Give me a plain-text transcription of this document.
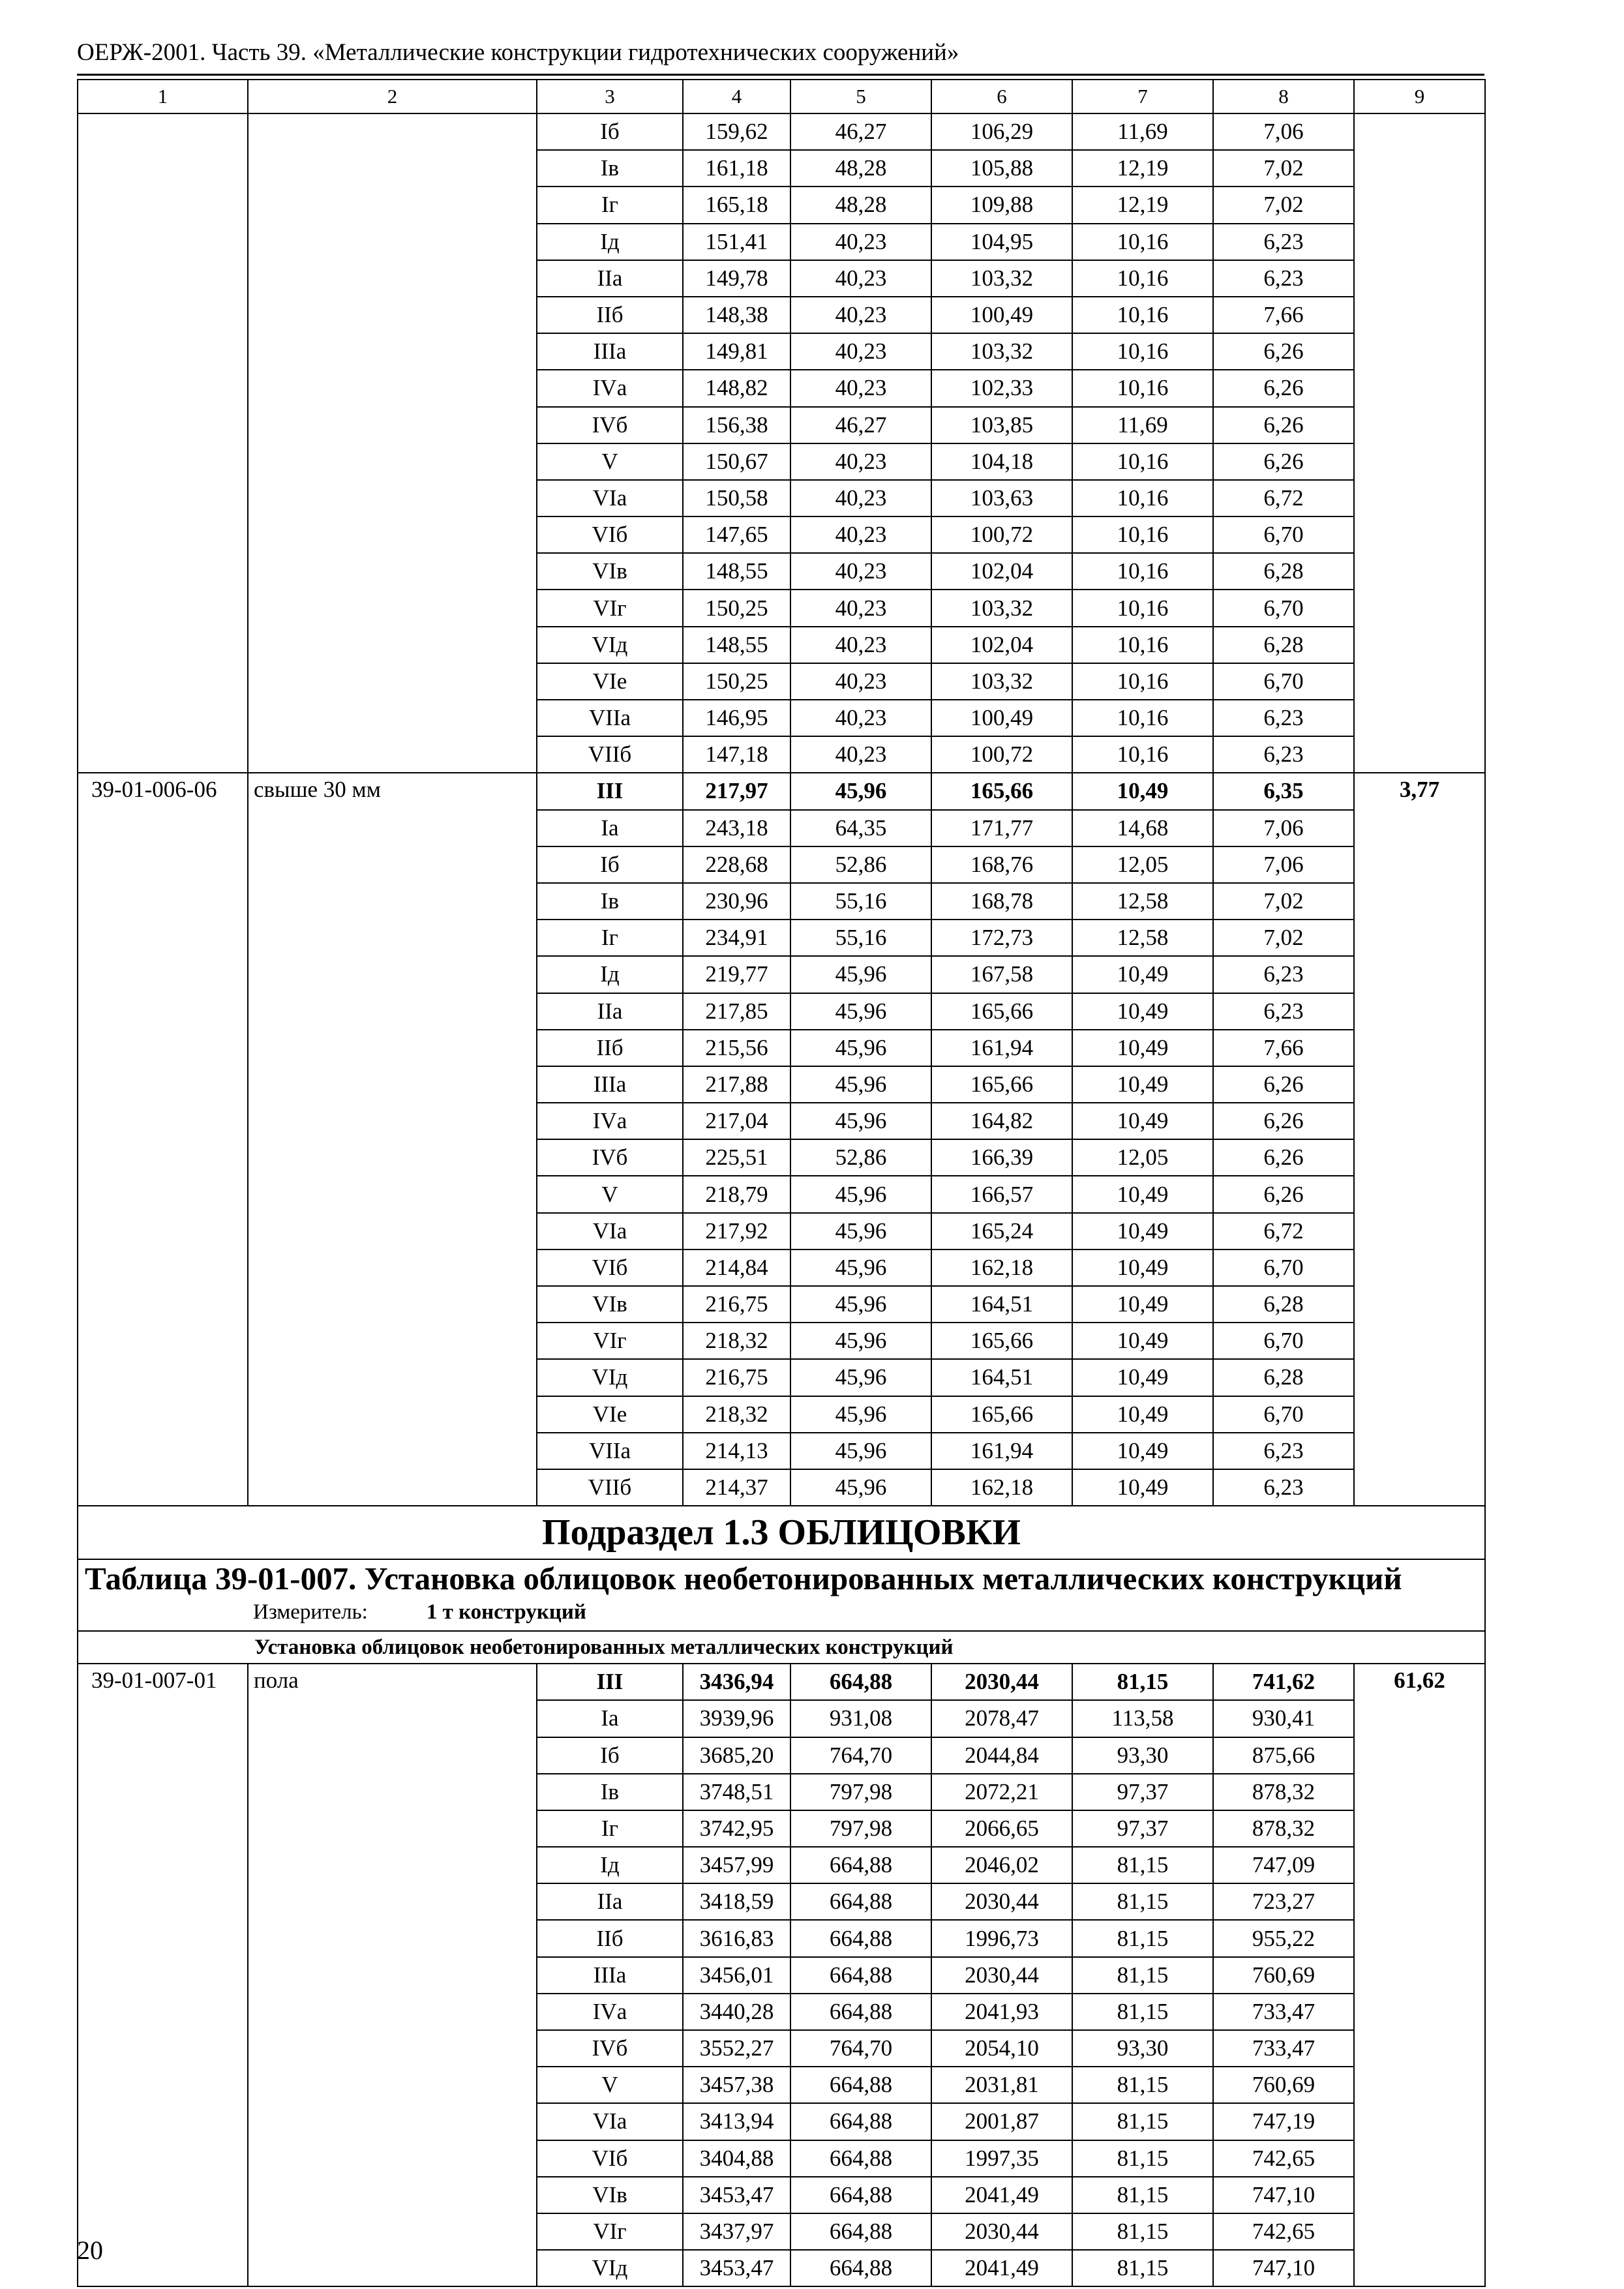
ОЕРЖ-2001. Часть 39. «Металлические конструкции гидротехнических сооружений»
1	2	3	4	5	6	7	8	9
		Iб	159,62	46,27	106,29	11,69	7,06	
		Iв	161,18	48,28	105,88	12,19	7,02	
		Iг	165,18	48,28	109,88	12,19	7,02	
		Iд	151,41	40,23	104,95	10,16	6,23	
		IIа	149,78	40,23	103,32	10,16	6,23	
		IIб	148,38	40,23	100,49	10,16	7,66	
		IIIа	149,81	40,23	103,32	10,16	6,26	
		IVа	148,82	40,23	102,33	10,16	6,26	
		IVб	156,38	46,27	103,85	11,69	6,26	
		V	150,67	40,23	104,18	10,16	6,26	
		VIа	150,58	40,23	103,63	10,16	6,72	
		VIб	147,65	40,23	100,72	10,16	6,70	
		VIв	148,55	40,23	102,04	10,16	6,28	
		VIг	150,25	40,23	103,32	10,16	6,70	
		VIд	148,55	40,23	102,04	10,16	6,28	
		VIе	150,25	40,23	103,32	10,16	6,70	
		VIIа	146,95	40,23	100,49	10,16	6,23	
		VIIб	147,18	40,23	100,72	10,16	6,23	
39-01-006-06	свыше 30 мм	III	217,97	45,96	165,66	10,49	6,35	3,77
		Iа	243,18	64,35	171,77	14,68	7,06	
		Iб	228,68	52,86	168,76	12,05	7,06	
		Iв	230,96	55,16	168,78	12,58	7,02	
		Iг	234,91	55,16	172,73	12,58	7,02	
		Iд	219,77	45,96	167,58	10,49	6,23	
		IIа	217,85	45,96	165,66	10,49	6,23	
		IIб	215,56	45,96	161,94	10,49	7,66	
		IIIа	217,88	45,96	165,66	10,49	6,26	
		IVа	217,04	45,96	164,82	10,49	6,26	
		IVб	225,51	52,86	166,39	12,05	6,26	
		V	218,79	45,96	166,57	10,49	6,26	
		VIа	217,92	45,96	165,24	10,49	6,72	
		VIб	214,84	45,96	162,18	10,49	6,70	
		VIв	216,75	45,96	164,51	10,49	6,28	
		VIг	218,32	45,96	165,66	10,49	6,70	
		VIд	216,75	45,96	164,51	10,49	6,28	
		VIе	218,32	45,96	165,66	10,49	6,70	
		VIIа	214,13	45,96	161,94	10,49	6,23	
		VIIб	214,37	45,96	162,18	10,49	6,23	
Подраздел 1.3 ОБЛИЦОВКИ								

Таблица 39-01-007. Установка облицовок необетонированных металлических конструкций
Измеритель: 1 т конструкций								

Установка облицовок необетонированных металлических конструкций								
39-01-007-01	пола	III	3436,94	664,88	2030,44	81,15	741,62	61,62
		Iа	3939,96	931,08	2078,47	113,58	930,41	
		Iб	3685,20	764,70	2044,84	93,30	875,66	
		Iв	3748,51	797,98	2072,21	97,37	878,32	
		Iг	3742,95	797,98	2066,65	97,37	878,32	
		Iд	3457,99	664,88	2046,02	81,15	747,09	
		IIа	3418,59	664,88	2030,44	81,15	723,27	
		IIб	3616,83	664,88	1996,73	81,15	955,22	
		IIIа	3456,01	664,88	2030,44	81,15	760,69	
		IVа	3440,28	664,88	2041,93	81,15	733,47	
		IVб	3552,27	764,70	2054,10	93,30	733,47	
		V	3457,38	664,88	2031,81	81,15	760,69	
		VIа	3413,94	664,88	2001,87	81,15	747,19	
		VIб	3404,88	664,88	1997,35	81,15	742,65	
		VIв	3453,47	664,88	2041,49	81,15	747,10	
		VIг	3437,97	664,88	2030,44	81,15	742,65	
		VIд	3453,47	664,88	2041,49	81,15	747,10	
20
